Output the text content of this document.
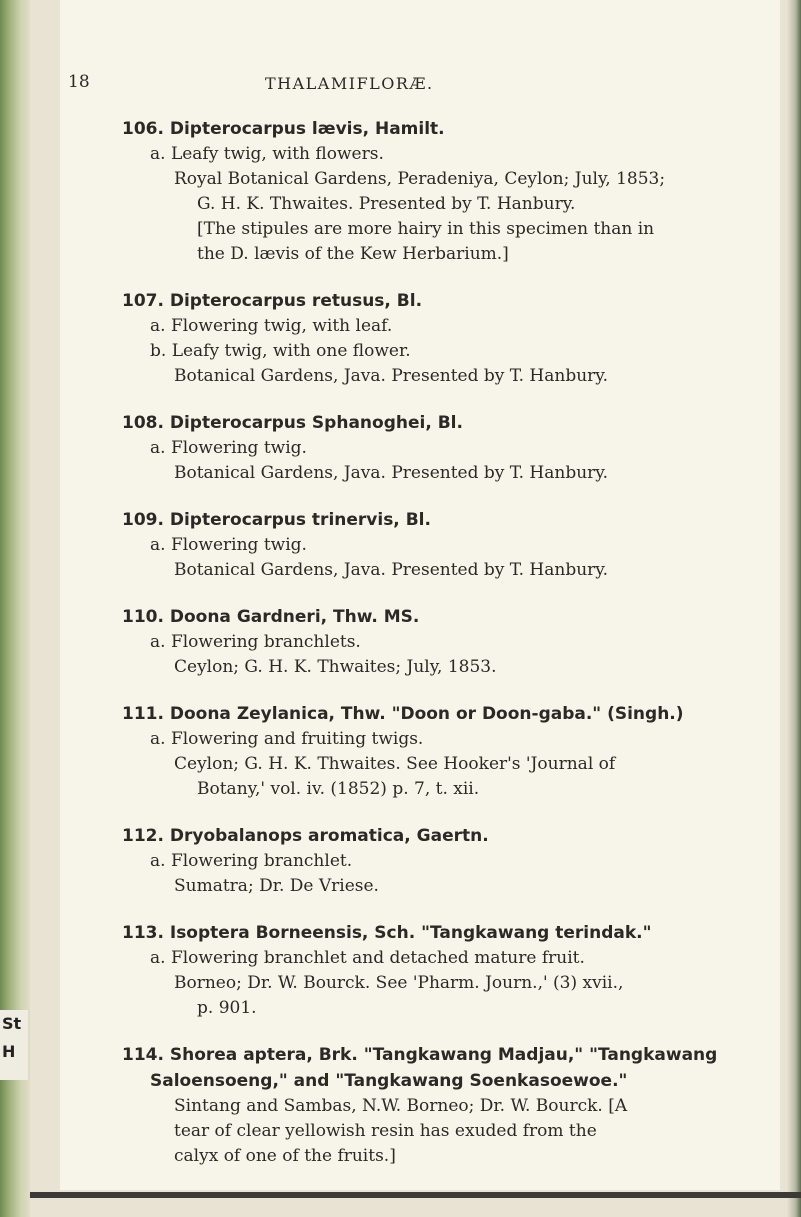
St H
18	THALAMIFLORÆ.
106. Dipterocarpus lævis, Hamilt.
a. Leafy twig, with flowers.
Royal Botanical Gardens, Peradeniya, Ceylon; July, 1853;
G. H. K. Thwaites. Presented by T. Hanbury.
[The stipules are more hairy in this specimen than in
the D. lævis of the Kew Herbarium.]
107. Dipterocarpus retusus, Bl.
a. Flowering twig, with leaf.
b. Leafy twig, with one flower.
Botanical Gardens, Java. Presented by T. Hanbury.
108. Dipterocarpus Sphanoghei, Bl.
a. Flowering twig.
Botanical Gardens, Java. Presented by T. Hanbury.
109. Dipterocarpus trinervis, Bl.
a. Flowering twig.
Botanical Gardens, Java. Presented by T. Hanbury.
110. Doona Gardneri, Thw. MS.
a. Flowering branchlets.
Ceylon; G. H. K. Thwaites; July, 1853.
111. Doona Zeylanica, Thw. "Doon or Doon-gaba." (Singh.)
a. Flowering and fruiting twigs.
Ceylon; G. H. K. Thwaites. See Hooker's 'Journal of
Botany,' vol. iv. (1852) p. 7, t. xii.
112. Dryobalanops aromatica, Gaertn.
a. Flowering branchlet.
Sumatra; Dr. De Vriese.
113. Isoptera Borneensis, Sch. "Tangkawang terindak."
a. Flowering branchlet and detached mature fruit.
Borneo; Dr. W. Bourck. See 'Pharm. Journ.,' (3) xvii.,
p. 901.
114. Shorea aptera, Brk. "Tangkawang Madjau," "Tangkawang
Saloensoeng," and "Tangkawang Soenkasoewoe."
Sintang and Sambas, N.W. Borneo; Dr. W. Bourck. [A
tear of clear yellowish resin has exuded from the
calyx of one of the fruits.]
